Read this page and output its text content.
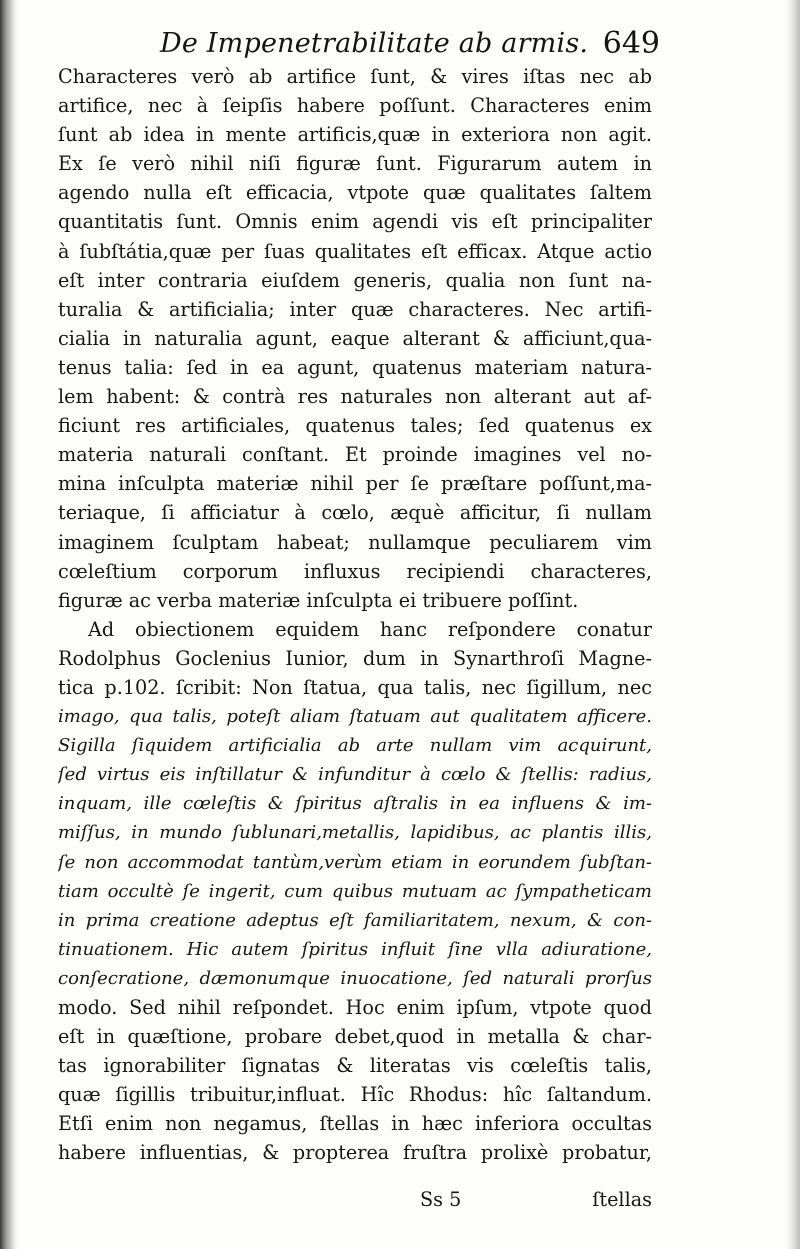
De Impenetrabilitate ab armis. 649
Characteres verò ab artifice ſunt, & vires iſtas nec ab
artifice, nec à ſeipſis habere poſſunt. Characteres enim
ſunt ab idea in mente artificis,quæ in exteriora non agit.
Ex ſe verò nihil niſi figuræ ſunt. Figurarum autem in
agendo nulla eſt efficacia, vtpote quæ qualitates ſaltem
quantitatis ſunt. Omnis enim agendi vis eſt principaliter
à ſubſtátia,quæ per ſuas qualitates eſt efficax. Atque actio
eſt inter contraria eiuſdem generis, qualia non ſunt na-
turalia & artificialia; inter quæ characteres. Nec artifi-
cialia in naturalia agunt, eaque alterant & afficiunt,qua-
tenus talia: ſed in ea agunt, quatenus materiam natura-
lem habent: & contrà res naturales non alterant aut af-
ficiunt res artificiales, quatenus tales; ſed quatenus ex
materia naturali conſtant. Et proinde imagines vel no-
mina inſculpta materiæ nihil per ſe præſtare poſſunt,ma-
teriaque, ſi afficiatur à cœlo, æquè afficitur, ſi nullam
imaginem ſculptam habeat; nullamque peculiarem vim
cœleſtium corporum influxus recipiendi characteres,
figuræ ac verba materiæ inſculpta ei tribuere poſſint.
Ad obiectionem equidem hanc reſpondere conatur
Rodolphus Goclenius Iunior, dum in Synarthroſi Magne-
tica p.102. ſcribit: Non ſtatua, qua talis, nec ſigillum, nec
imago, qua talis, poteſt aliam ſtatuam aut qualitatem afficere.
Sigilla ſiquidem artificialia ab arte nullam vim acquirunt,
ſed virtus eis inſtillatur & infunditur à cœlo & ſtellis: radius,
inquam, ille cœleſtis & ſpiritus aſtralis in ea influens & im-
miſſus, in mundo ſublunari,metallis, lapidibus, ac plantis illis,
ſe non accommodat tantùm,verùm etiam in eorundem ſubſtan-
tiam occultè ſe ingerit, cum quibus mutuam ac ſympatheticam
in prima creatione adeptus eſt familiaritatem, nexum, & con-
tinuationem. Hic autem ſpiritus influit ſine vlla adiuratione,
conſecratione, dæmonumque inuocatione, ſed naturali prorſus
modo. Sed nihil reſpondet. Hoc enim ipſum, vtpote quod
eſt in quæſtione, probare debet,quod in metalla & char-
tas ignorabiliter ſignatas & literatas vis cœleſtis talis,
quæ ſigillis tribuitur,influat. Hîc Rhodus: hîc ſaltandum.
Etſi enim non negamus, ſtellas in hæc inferiora occultas
habere influentias, & propterea fruſtra prolixè probatur,
Ss 5	ſtellas
